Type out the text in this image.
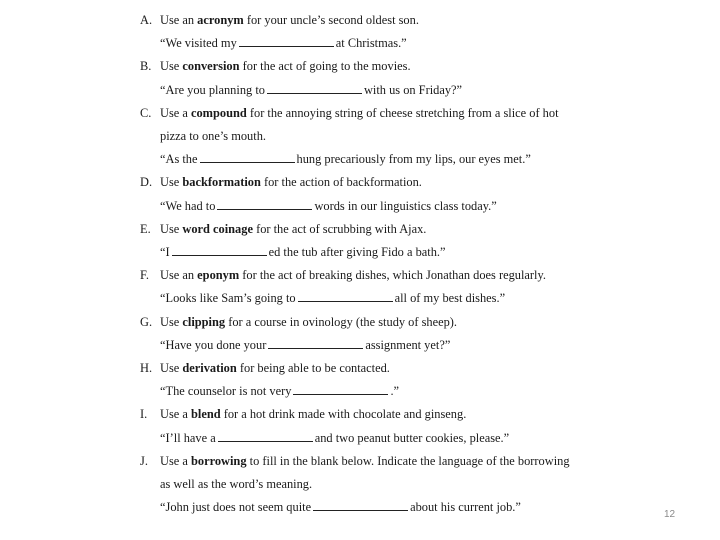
A. Use an acronym for your uncle’s second oldest son.
“We visited my	at Christmas.”
B. Use conversion for the act of going to the movies.
“Are you planning to	with us on Friday?”
C. Use a compound for the annoying string of cheese stretching from a slice of hot
pizza to one’s mouth.
“As the	hung precariously from my lips, our eyes met.”
D. Use backformation for the action of backformation.
“We had to	words in our linguistics class today.”
E. Use word coinage for the act of scrubbing with Ajax.
“I	ed the tub after giving Fido a bath.”
F. Use an eponym for the act of breaking dishes, which Jonathan does regularly.
“Looks like Sam’s going to	all of my best dishes.”
G. Use clipping for a course in ovinology (the study of sheep).
“Have you done your	assignment yet?”
H. Use derivation for being able to be contacted.
“The counselor is not very	.”
I.	Use a blend for a hot drink made with chocolate and ginseng.
“I’ll have a	and two peanut butter cookies, please.”
J. Use a borrowing to fill in the blank below. Indicate the language of the borrowing
as well as the word’s meaning.
“John just does not seem quite	about his current job.”
12
